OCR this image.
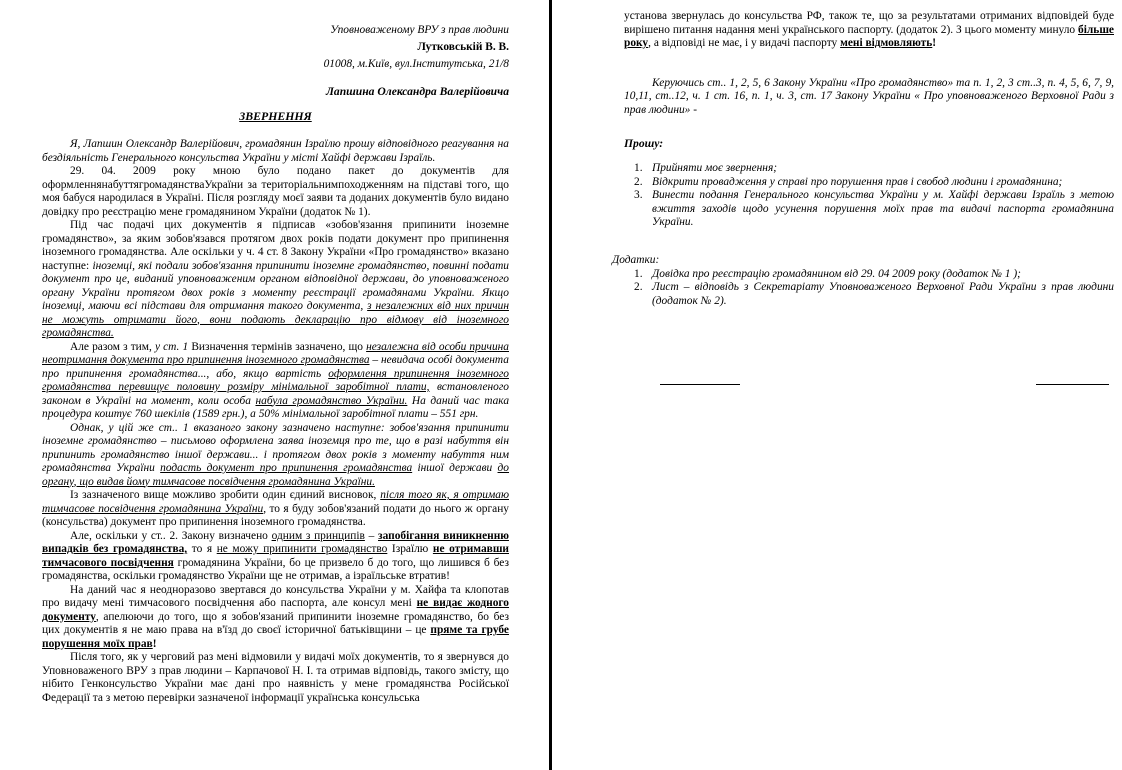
Уповноваженому ВРУ з прав людини
Лутковській В. В.
01008, м.Київ, вул.Інститутська, 21/8
Лапшина Олександра Валерійовича
ЗВЕРНЕННЯ

Я, Лапшин Олександр Валерійович, громадянин Ізраїлю прошу відповідного реагування на бездіяльність Генерального консульства України у місті Хайфі держави Ізраїль.

29. 04. 2009 року мною було подано пакет до документів для оформленнянабуттягромадянстваУкраїни за територіальнимпоходженням на підставі того, що моя бабуся народилася в Україні. Після розгляду моєї заяви та доданих документів було видано довідку про реєстрацію мене громадянином України (додаток № 1).

Під час подачі цих документів я підписав «зобов'язання припинити іноземне громадянство», за яким зобов'язався протягом двох років подати документ про припинення іноземного громадянства. Але оскільки у ч. 4 ст. 8 Закону України «Про громадянство» вказано наступне: іноземці, які подали зобов'язання припинити іноземне громадянство, повинні подати документ про це, виданий уповноваженим органом відповідної держави, до уповноваженого органу України протягом двох років з моменту реєстрації громадянами України. Якщо іноземці, маючи всі підстави для отримання такого документа, з незалежних від них причин не можуть отримати його, вони подають декларацію про відмову від іноземного громадянства.

Але разом з тим, у ст. 1 Визначення термінів зазначено, що незалежна від особи причина неотримання документа про припинення іноземного громадянства – невидача особі документа про припинення громадянства..., або, якщо вартість оформлення припинення іноземного громадянства перевищує половину розміру мінімальної заробітної плати, встановленого законом в Україні на момент, коли особа набула громадянство України. На даний час така процедура коштує 760 шекілів (1589 грн.), а 50% мінімальної заробітної плати – 551 грн.

Однак, у цій же ст.. 1 вказаного закону зазначено наступне: зобов'язання припинити іноземне громадянство – письмово оформлена заява іноземця про те, що в разі набуття він припинить громадянство іншої держави... і протягом двох років з моменту набуття ним громадянства України подасть документ про припинення громадянства іншої держави до органу, що видав йому тимчасове посвідчення громадянина України.

Із зазначеного вище можливо зробити один єдиний висновок, після того як, я отримаю тимчасове посвідчення громадянина України, то я буду зобов'язаний подати до нього ж органу (консульства) документ про припинення іноземного громадянства.

Але, оскільки у ст.. 2. Закону визначено одним з принципів – запобігання виникненню випадків без громадянства, то я не можу припинити громадянство Ізраїлю не отримавши тимчасового посвідчення громадянина України, бо це призвело б до того, що лишився б без громадянства, оскільки громадянство України ще не отримав, а ізраїльське втратив!

На даний час я неодноразово звертався до консульства України у м. Хайфа та клопотав про видачу мені тимчасового посвідчення або паспорта, але консул мені не видає жодного документу, апелюючи до того, що я зобов'язаний припинити іноземне громадянство, бо без цих документів я не маю права на в'їзд до своєї історичної батьківщини – це пряме та грубе порушення моїх прав!

Після того, як у черговий раз мені відмовили у видачі моїх документів, то я звернувся до Уповноваженого ВРУ з прав людини – Карпачової Н. І. та отримав відповідь, такого змісту, що нібито Генконсульство України має дані про наявність у мене громадянства Російської Федерації та з метою перевірки зазначеної інформації українська консульська

установа звернулась до консульства РФ, також те, що за результатами отриманих відповідей буде вирішено питання надання мені українського паспорту. (додаток 2). З цього моменту минуло більше року, а відповіді не має, і у видачі паспорту мені відмовляють!

Керуючись ст.. 1, 2, 5, 6 Закону України «Про громадянство» та п. 1, 2, 3 ст..3, п. 4, 5, 6, 7, 9, 10,11, ст..12, ч. 1 ст. 16, п. 1, ч. 3, ст. 17 Закону України « Про уповноваженого Верховної Ради з прав людини» -

Прошу:
1. Прийняти моє звернення;
2. Відкрити провадження у справі про порушення прав і свобод людини і громадянина;
3. Винести подання Генерального консульства України у м. Хайфі держави Ізраїль з метою вжиття заходів щодо усунення порушення моїх прав та видачі паспорта громадянина України.
Додатки:
1. Довідка про реєстрацію громадянином від 29. 04 2009 року (додаток № 1 );
2. Лист – відповідь з Секретаріату Уповноваженого Верховної Ради України з прав людини (додаток № 2).
